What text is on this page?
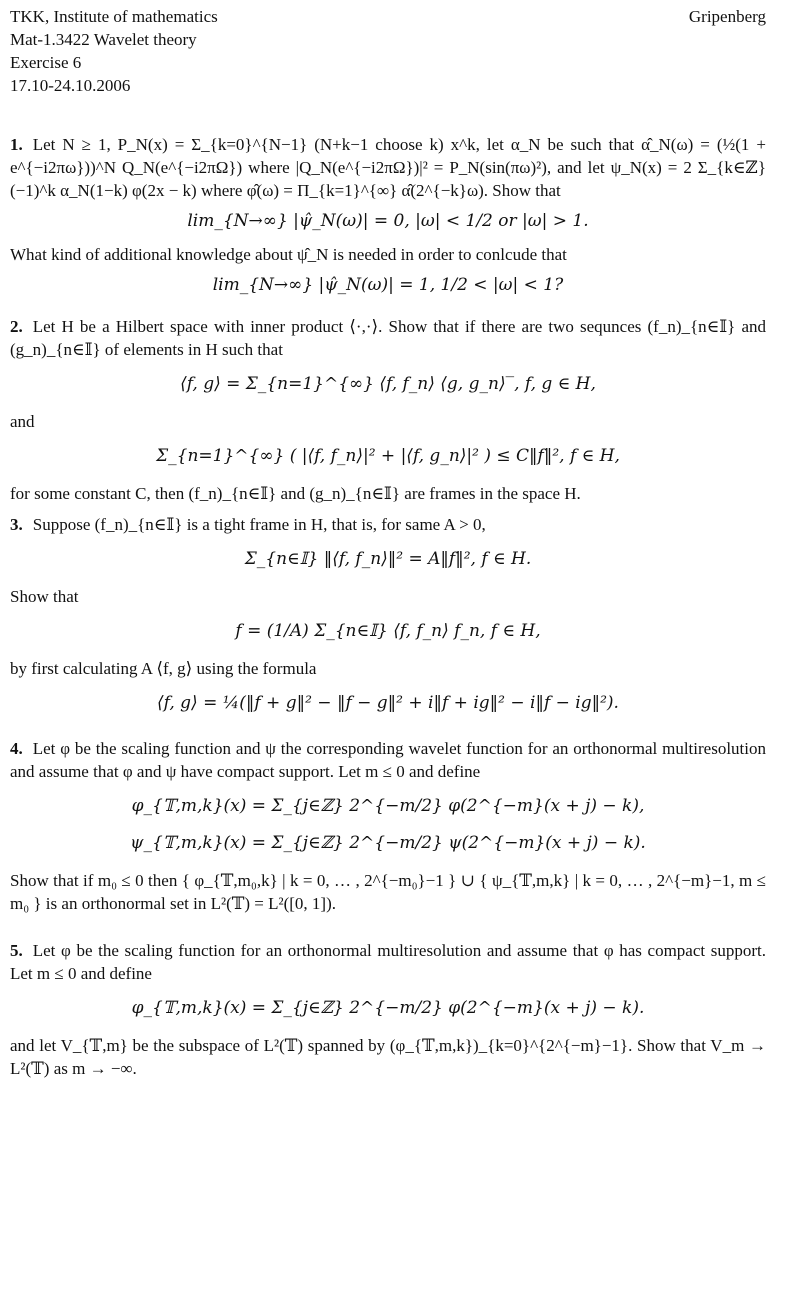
TKK, Institute of mathematics
Mat-1.3422 Wavelet theory
Exercise 6
17.10-24.10.2006
Gripenberg

1. Let N ≥ 1, P_N(x) = Σ_{k=0}^{N−1} (N+k−1 choose k) x^k, let α_N be such that α̂_N(ω) = (½(1 + e^{−i2πω}))^N Q_N(e^{−i2πΩ}) where |Q_N(e^{−i2πΩ})|² = P_N(sin(πω)²), and let ψ_N(x) = 2 Σ_{k∈ℤ} (−1)^k α_N(1−k) φ(2x − k) where φ̂(ω) = Π_{k=1}^{∞} α̂(2^{−k}ω). Show that

lim_{N→∞} |ψ̂_N(ω)| = 0, |ω| < 1/2 or |ω| > 1.

What kind of additional knowledge about ψ̂_N is needed in order to conlcude that

lim_{N→∞} |ψ̂_N(ω)| = 1, 1/2 < |ω| < 1?

2. Let H be a Hilbert space with inner product ⟨·,·⟩. Show that if there are two sequnces (f_n)_{n∈𝕀} and (g_n)_{n∈𝕀} of elements in H such that

⟨f, g⟩ = Σ_{n=1}^{∞} ⟨f, f_n⟩ ⟨g, g_n⟩‾, f, g ∈ H,

and

Σ_{n=1}^{∞} ( |⟨f, f_n⟩|² + |⟨f, g_n⟩|² ) ≤ C‖f‖², f ∈ H,

for some constant C, then (f_n)_{n∈𝕀} and (g_n)_{n∈𝕀} are frames in the space H.

3. Suppose (f_n)_{n∈𝕀} is a tight frame in H, that is, for same A > 0,

Σ_{n∈𝕀} ‖⟨f, f_n⟩‖² = A‖f‖², f ∈ H.

Show that

f = (1/A) Σ_{n∈𝕀} ⟨f, f_n⟩ f_n, f ∈ H,

by first calculating A ⟨f, g⟩ using the formula

⟨f, g⟩ = ¼(‖f + g‖² − ‖f − g‖² + i‖f + ig‖² − i‖f − ig‖²).

4. Let φ be the scaling function and ψ the corresponding wavelet function for an orthonormal multiresolution and assume that φ and ψ have compact support. Let m ≤ 0 and define

φ_{𝕋,m,k}(x) = Σ_{j∈ℤ} 2^{−m/2} φ(2^{−m}(x + j) − k),
ψ_{𝕋,m,k}(x) = Σ_{j∈ℤ} 2^{−m/2} ψ(2^{−m}(x + j) − k).

Show that if m₀ ≤ 0 then { φ_{𝕋,m₀,k} | k = 0, … , 2^{−m₀}−1 } ∪ { ψ_{𝕋,m,k} | k = 0, … , 2^{−m}−1, m ≤ m₀ } is an orthonormal set in L²(𝕋) = L²([0, 1]).

5. Let φ be the scaling function for an orthonormal multiresolution and assume that φ has compact support. Let m ≤ 0 and define

φ_{𝕋,m,k}(x) = Σ_{j∈ℤ} 2^{−m/2} φ(2^{−m}(x + j) − k).

and let V_{𝕋,m} be the subspace of L²(𝕋) spanned by (φ_{𝕋,m,k})_{k=0}^{2^{−m}−1}. Show that V_m → L²(𝕋) as m → −∞.
